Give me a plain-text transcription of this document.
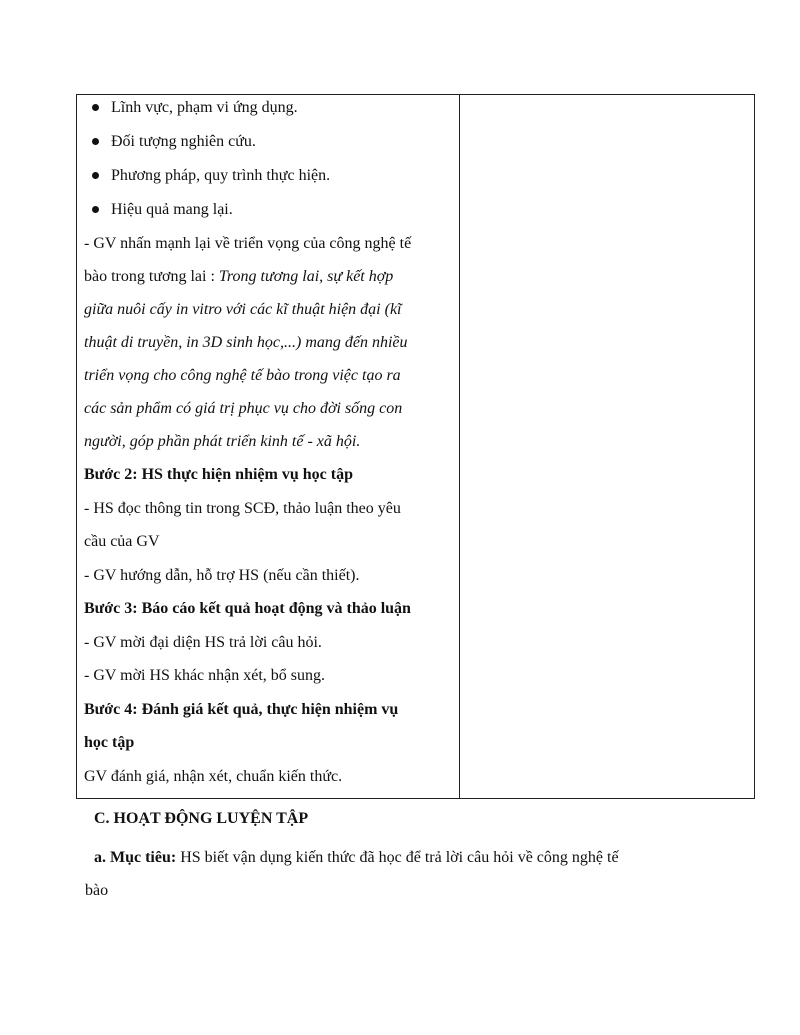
Lĩnh vực, phạm vi ứng dụng.
Đối tượng nghiên cứu.
Phương pháp, quy trình thực hiện.
Hiệu quả mang lại.
- GV nhấn mạnh lại về triển vọng của công nghệ tế
bào trong tương lai : Trong tương lai, sự kết hợp
giữa nuôi cấy in vitro với các kĩ thuật hiện đại (kĩ
thuật di truyền, in 3D sinh học,...) mang đến nhiều
triển vọng cho công nghệ tế bào trong việc tạo ra
các sản phẩm có giá trị phục vụ cho đời sống con
người, góp phần phát triển kinh tế - xã hội.
Bước 2: HS thực hiện nhiệm vụ học tập
- HS đọc thông tin trong SCĐ, thảo luận theo yêu
cầu của GV
- GV hướng dẫn, hỗ trợ HS (nếu cần thiết).
Bước 3: Báo cáo kết quả hoạt động và thảo luận
- GV mời đại diện HS trả lời câu hỏi.
- GV mời HS khác nhận xét, bổ sung.
Bước 4: Đánh giá kết quả, thực hiện nhiệm vụ
học tập
GV đánh giá, nhận xét, chuẩn kiến thức.

C. HOẠT ĐỘNG LUYỆN TẬP
a. Mục tiêu: HS biết vận dụng kiến thức đã học để trả lời câu hỏi về công nghệ tế
bào
